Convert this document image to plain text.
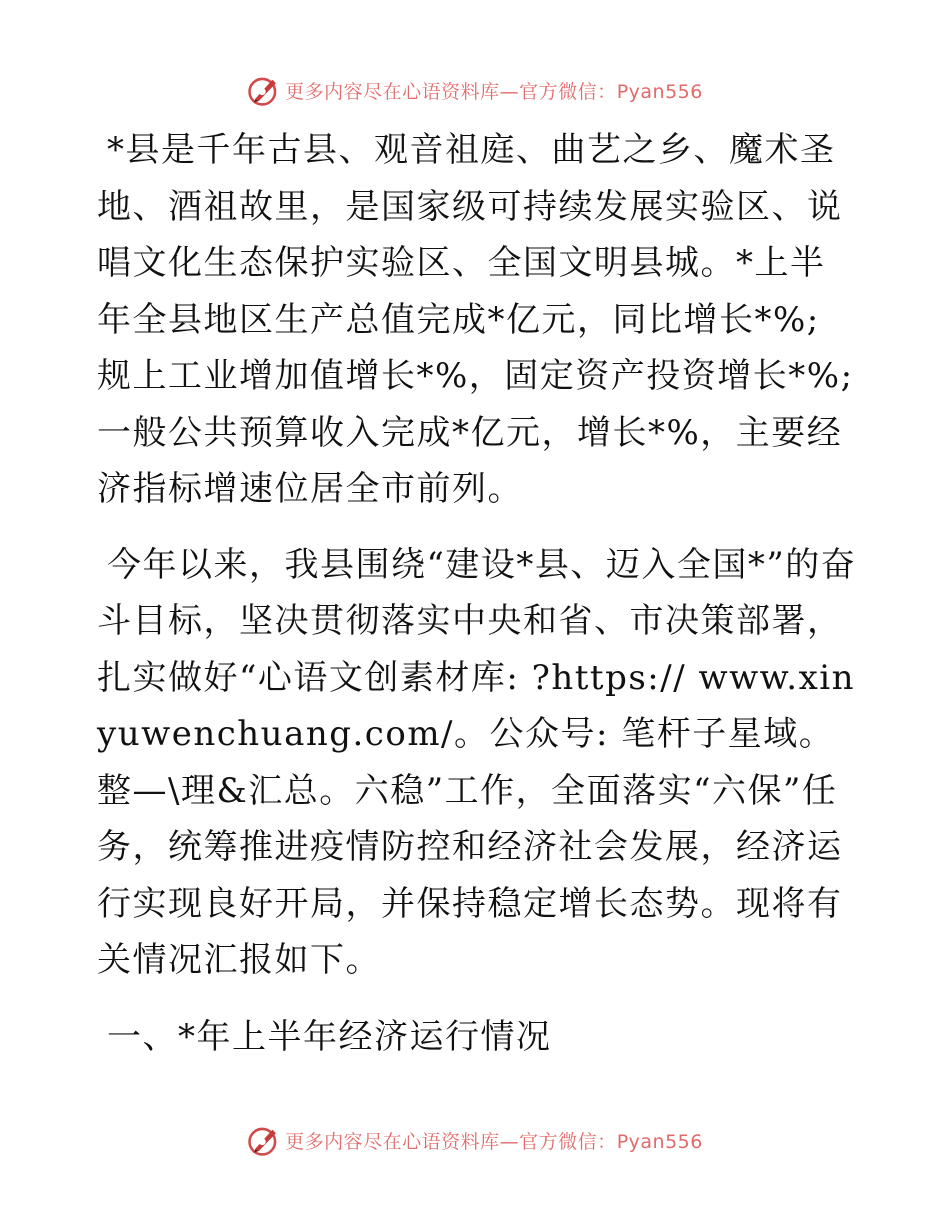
更多内容尽在心语资料库—官方微信：Pyan556

*县是千年古县、观音祖庭、曲艺之乡、魔术圣地、酒祖故里，是国家级可持续发展实验区、说唱文化生态保护实验区、全国文明县城。*上半年全县地区生产总值完成*亿元，同比增长*%; 规上工业增加值增长*%，固定资产投资增长*%; 一般公共预算收入完成*亿元，增长*%，主要经济指标增速位居全市前列。

今年以来，我县围绕“建设*县、迈入全国*”的奋斗目标，坚决贯彻落实中央和省、市决策部署，扎实做好“心语文创素材库: ?https:// www.xinyuwenchuang.com/。公众号: 笔杆子星域。整—\理&汇总。六稳”工作，全面落实“六保”任务，统筹推进疫情防控和经济社会发展，经济运行实现良好开局，并保持稳定增长态势。现将有关情况汇报如下。

一、*年上半年经济运行情况

更多内容尽在心语资料库—官方微信：Pyan556
